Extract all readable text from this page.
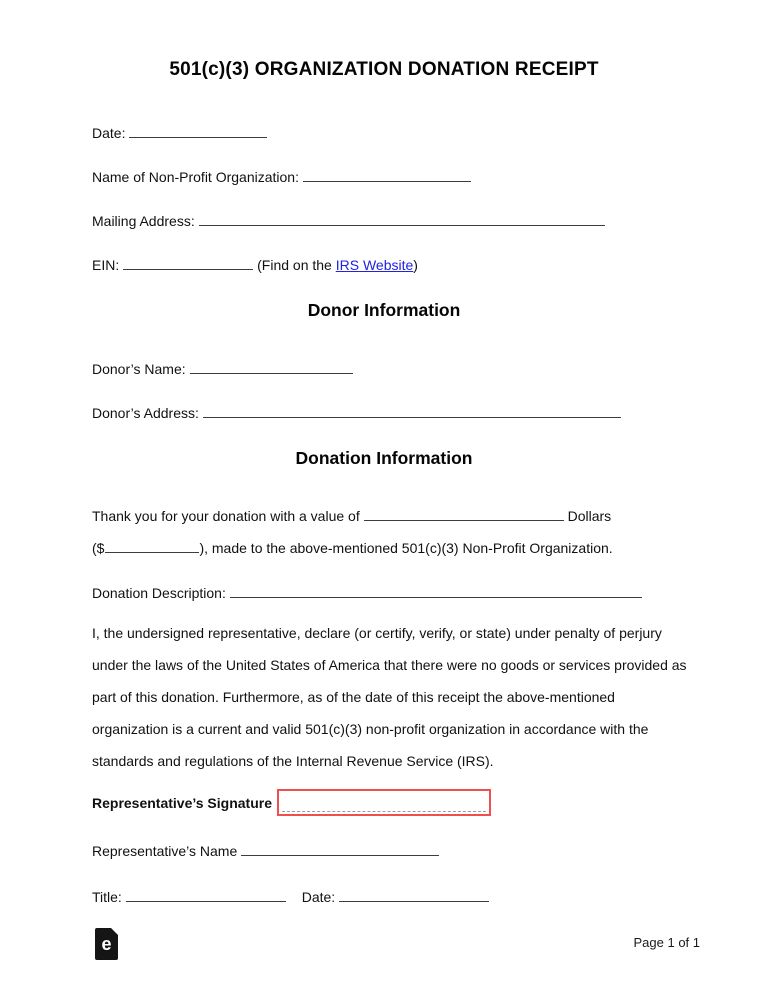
501(c)(3) ORGANIZATION DONATION RECEIPT
Date:
Name of Non-Profit Organization:
Mailing Address:
EIN:	(Find on the IRS Website)
Donor Information
Donor’s Name:
Donor’s Address:
Donation Information
Thank you for your donation with a value of	Dollars
($	), made to the above-mentioned 501(c)(3) Non-Profit Organization.
Donation Description:
I, the undersigned representative, declare (or certify, verify, or state) under penalty of perjury
under the laws of the United States of America that there were no goods or services provided as
part of this donation. Furthermore, as of the date of this receipt the above-mentioned
organization is a current and valid 501(c)(3) non-profit organization in accordance with the
standards and regulations of the Internal Revenue Service (IRS).
Representative’s Signature
Representative’s Name
Title:	Date:
e	Page 1 of 1
